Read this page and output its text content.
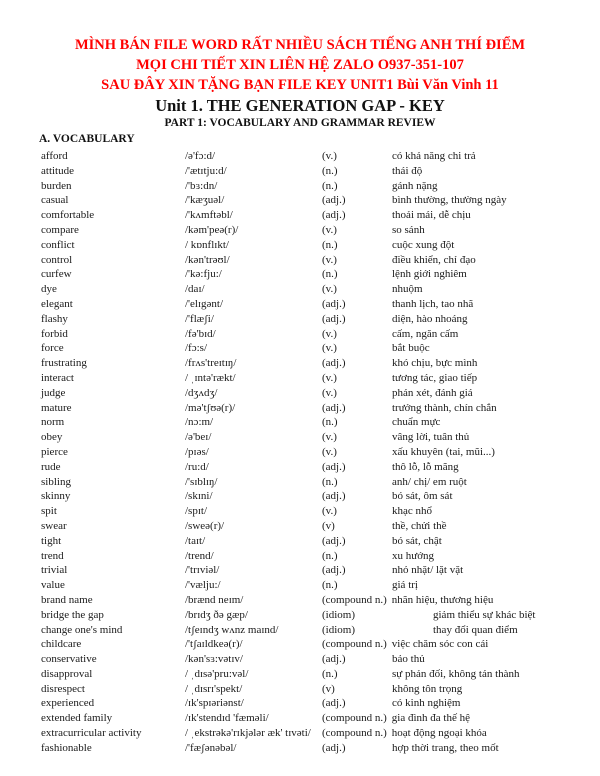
MÌNH BÁN FILE WORD RẤT NHIỀU SÁCH TIẾNG ANH THÍ ĐIỂM
MỌI CHI TIẾT XIN LIÊN HỆ ZALO O937-351-107
SAU ĐÂY XIN TẶNG BẠN FILE KEY UNIT1 Bùi Văn Vinh 11
Unit 1. THE GENERATION GAP - KEY
PART 1: VOCABULARY AND GRAMMAR REVIEW
A. VOCABULARY
afford	/ə'fɔ:d/	(v.)	có khả năng chi trả
attitude	/'ætɪtju:d/	(n.)	thái độ
burden	/'bɜ:dn/	(n.)	gánh nặng
casual	/'kæʒuəl/	(adj.)	bình thường, thường ngày
comfortable	/'kʌmftəbl/	(adj.)	thoải mái, dễ chịu
compare	/kəm'peə(r)/	(v.)	so sánh
conflict	/ kɒnflɪkt/	(n.)	cuộc xung đột
control	/kən'trəʊl/	(v.)	điều khiển, chỉ đạo
curfew	/'kə:fju:/	(n.)	lệnh giới nghiêm
dye	/daɪ/	(v.)	nhuộm
elegant	/'elɪgənt/	(adj.)	thanh lịch, tao nhã
flashy	/'flæʃi/	(adj.)	diện, hào nhoáng
forbid	/fə'bɪd/	(v.)	cấm, ngăn cấm
force	/fɔ:s/	(v.)	bắt buộc
frustrating	/frʌs'treɪtɪŋ/	(adj.)	khó chịu, bực mình
interact	/ ˌɪntə'rækt/	(v.)	tương tác, giao tiếp
judge	/dʒʌdʒ/	(v.)	phán xét, đánh giá
mature	/mə'tʃʊə(r)/	(adj.)	trưởng thành, chín chắn
norm	/nɔ:m/	(n.)	chuẩn mực
obey	/ə'beɪ/	(v.)	vâng lời, tuân thủ
pierce	/pɪəs/	(v.)	xấu khuyên (tai, mũi...)
rude	/ru:d/	(adj.)	thô lỗ, lỗ mãng
sibling	/'sɪblɪŋ/	(n.)	anh/ chị/ em ruột
skinny	/skɪni/	(adj.)	bó sát, ôm sát
spit	/spɪt/	(v.)	khạc nhổ
swear	/sweə(r)/	(v)	thề, chửi thề
tight	/taɪt/	(adj.)	bó sát, chật
trend	/trend/	(n.)	xu hướng
trivial	/'trɪviəl/	(adj.)	nhỏ nhặt/ lặt vặt
value	/'vælju:/	(n.)	giá trị
brand name	/brænd neɪm/	(compound n.) nhãn hiệu, thương hiệu
bridge the gap	/brɪdʒ ðə gæp/	(idiom)	giảm thiểu sự khác biệt
change one's mind	/tʃeɪndʒ wʌnz maɪnd/	(idiom)	thay đổi quan điểm
childcare	/'tʃaɪldkeə(r)/	(compound n.) việc chăm sóc con cái
conservative	/kən'sɜ:vətɪv/	(adj.)	bảo thủ
disapproval	/ ˌdɪsə'pru:vəl/	(n.)	sự phản đối, không tán thành
disrespect	/ ˌdɪsrɪ'spekt/	(v)	không tôn trọng
experienced	/ɪk'spɪəriənst/	(adj.)	có kinh nghiệm
extended family	/ɪk'stendɪd 'fæməli/	(compound n.) gia đình đa thế hệ
extracurricular activity	/ ˌekstrəkə'rɪkjələr æk' tɪvəti/	(compound n.) hoạt động ngoại khóa
fashionable	/'fæʃənəbəl/	(adj.)	hợp thời trang, theo mốt
